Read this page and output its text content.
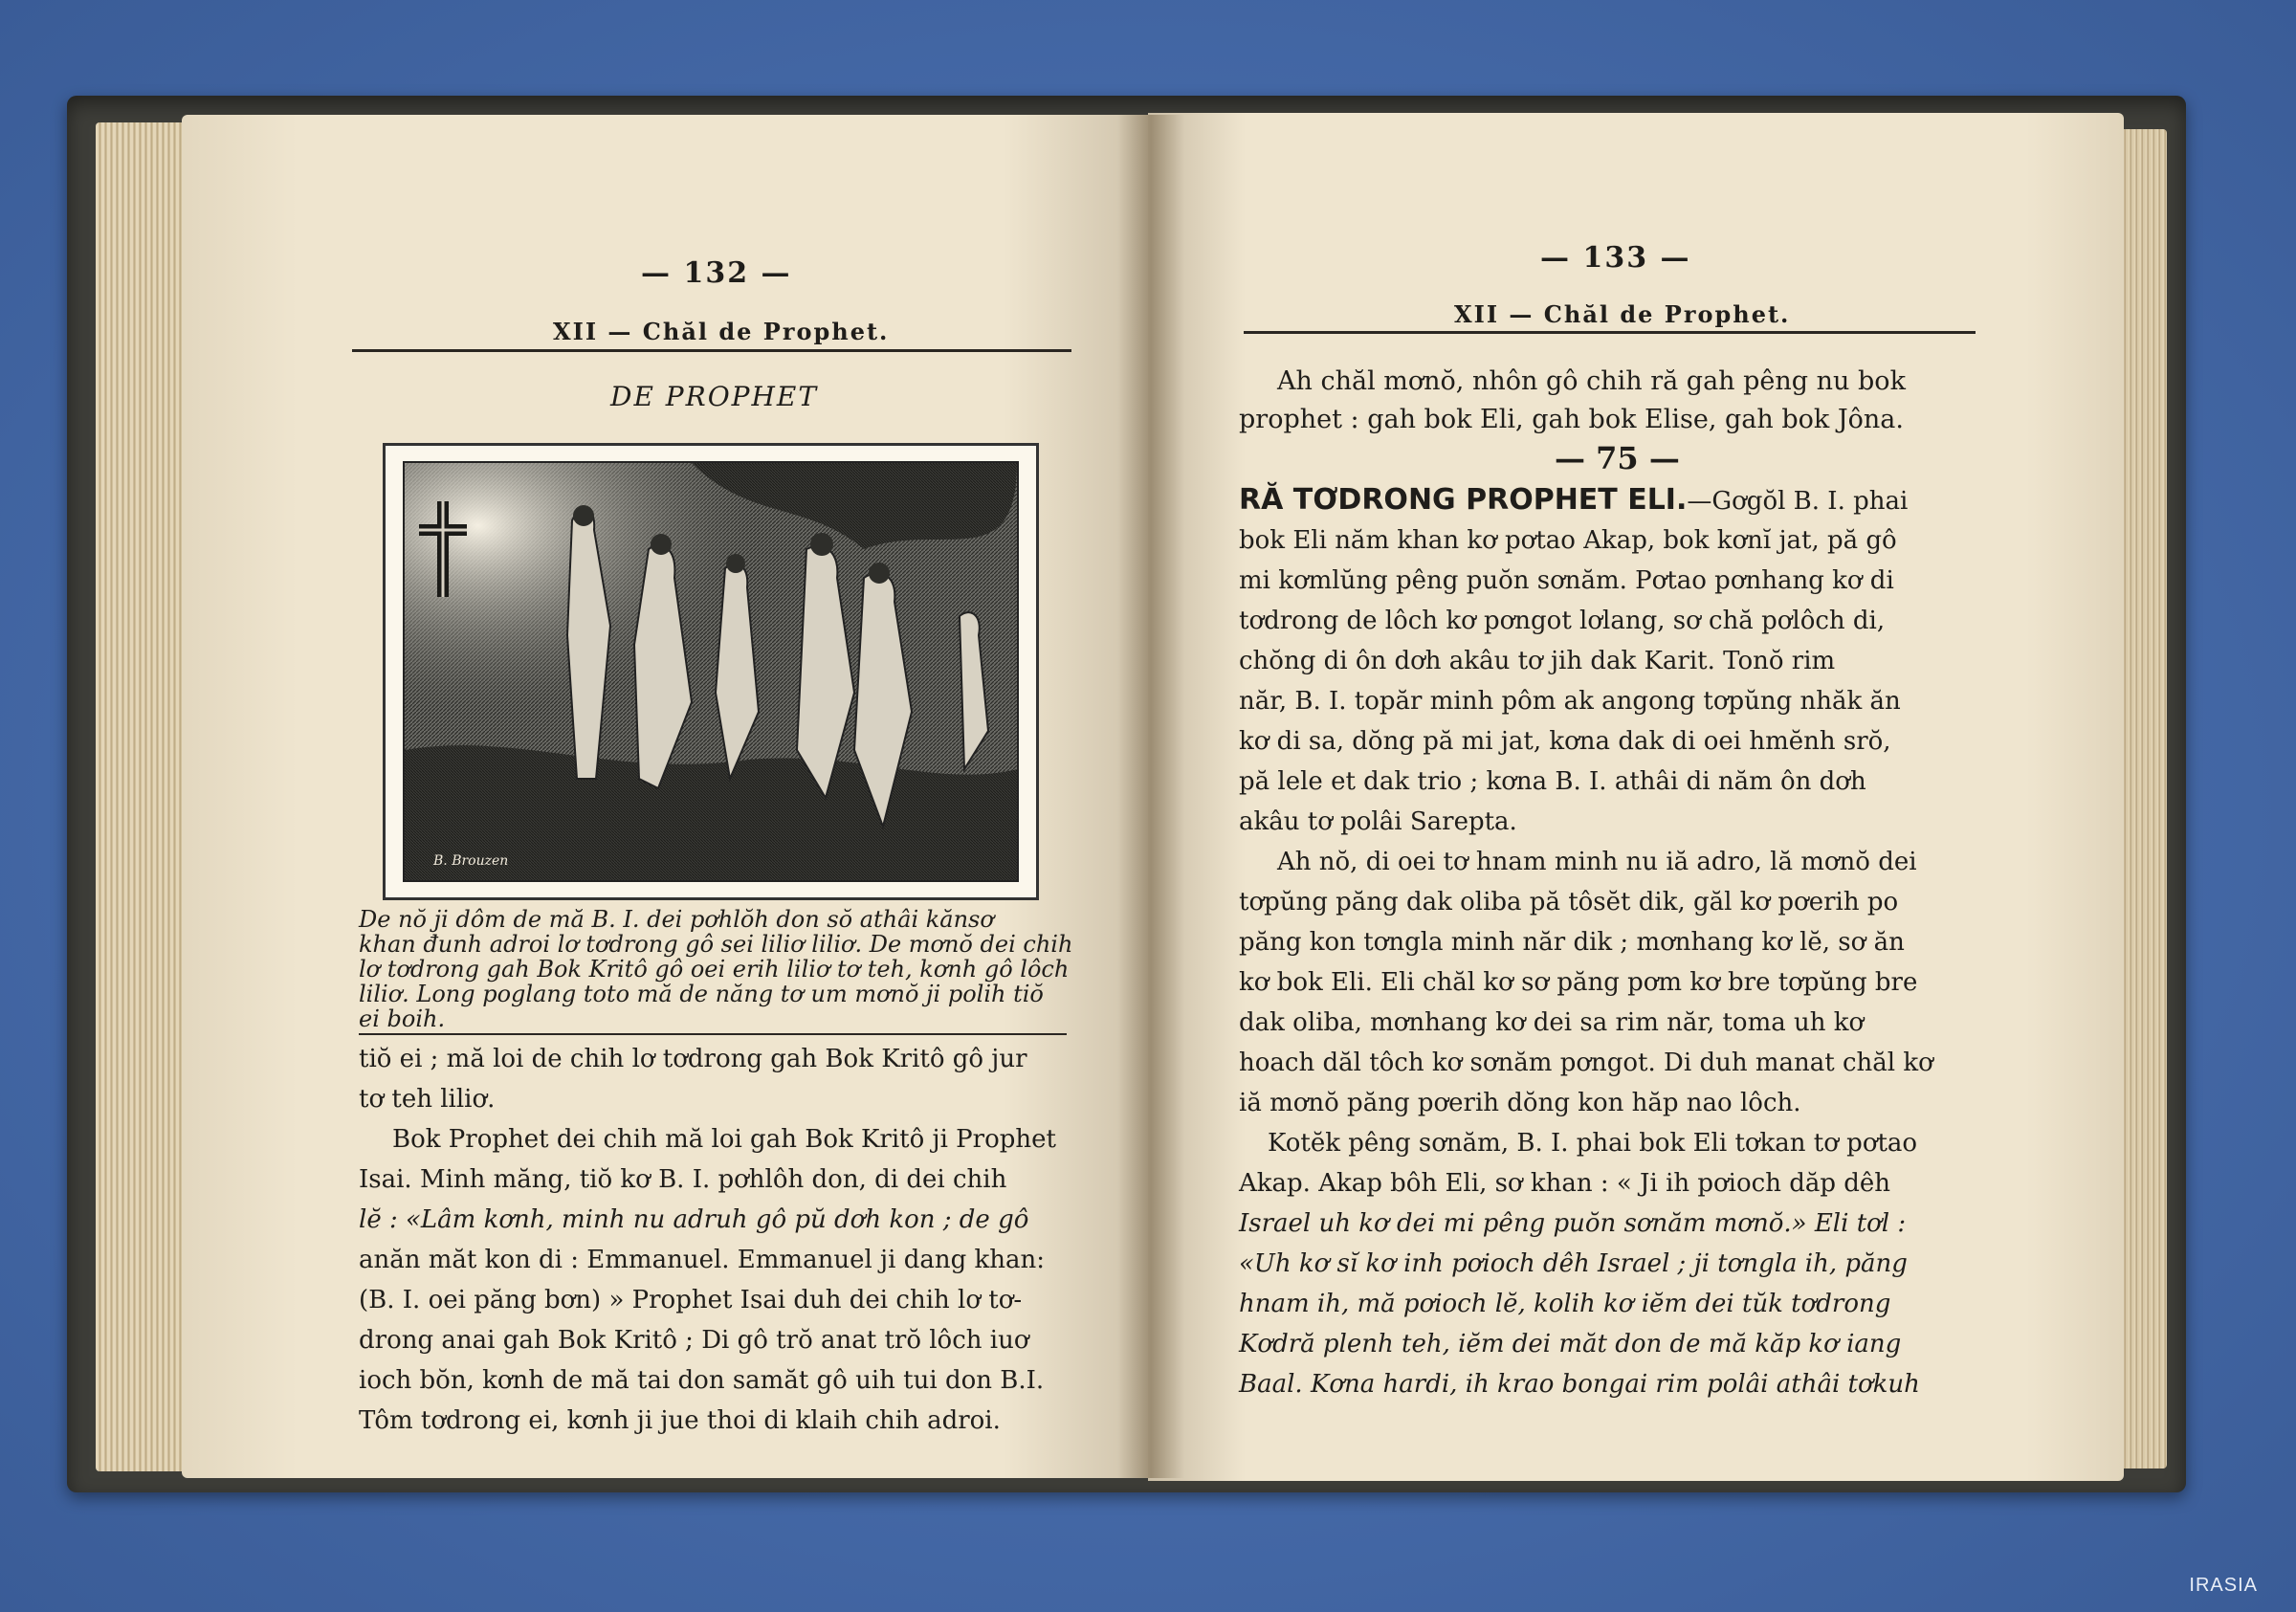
— 132 —
XII — Chăl de Prophet.
DE PROPHET
B. Brouzen
De nŏ ji dôm de mă B. I. dei pơhlŏh don sŏ athâi kănsơ
khan đunh adroi lơ tơdrong gô sei liliơ liliơ. De mơnŏ dei chih
lơ tơdrong gah Bok Kritô gô oei erih liliơ tơ teh, kơnh gô lôch
liliơ. Long poglang toto mă de năng tơ um mơnŏ ji polih tiŏ
ei boih.
tiŏ ei ; mă loi de chih lơ tơdrong gah Bok Kritô gô jur
tơ teh liliơ.
Bok Prophet dei chih mă loi gah Bok Kritô ji Prophet
Isai. Minh măng, tiŏ kơ B. I. pơhlôh don, di dei chih
lĕ : «Lâm kơnh, minh nu adruh gô pŭ dơh kon ; de gô
anăn măt kon di : Emmanuel. Emmanuel ji dang khan:
(B. I. oei păng bơn) » Prophet Isai duh dei chih lơ tơ-
drong anai gah Bok Kritô ; Di gô trŏ anat trŏ lôch iuơ
ioch bŏn, kơnh de mă tai don samăt gô uih tui don B.I.
Tôm tơdrong ei, kơnh ji jue thoi di klaih chih adroi.
— 133 —
XII — Chăl de Prophet.
Ah chăl mơnŏ, nhôn gô chih ră gah pêng nu bok
prophet : gah bok Eli, gah bok Elise, gah bok Jôna.
— 75 —
RĂ TƠDRONG PROPHET ELI.—Gơgŏl B. I. phai
bok Eli năm khan kơ pơtao Akap, bok kơnĭ jat, pă gô
mi kơmlŭng pêng puŏn sơnăm. Pơtao pơnhang kơ di
tơdrong de lôch kơ pơngot lơlang, sơ chă pơlôch di,
chŏng di ôn dơh akâu tơ jih dak Karit. Tonŏ rim
năr, B. I. topăr minh pôm ak angong tơpŭng nhăk ăn
kơ di sa, dŏng pă mi jat, kơna dak di oei hmĕnh srŏ,
pă lele et dak trio ; kơna B. I. athâi di năm ôn dơh
akâu tơ polâi Sarepta.
Ah nŏ, di oei tơ hnam minh nu iă adro, lă mơnŏ dei
tơpŭng păng dak oliba pă tôsĕt dik, găl kơ pơerih po
păng kon tơngla minh năr dik ; mơnhang kơ lĕ, sơ ăn
kơ bok Eli. Eli chăl kơ sơ păng pơm kơ bre tơpŭng bre
dak oliba, mơnhang kơ dei sa rim năr, toma uh kơ
hoach dăl tôch kơ sơnăm pơngot. Di duh manat chăl kơ
iă mơnŏ păng pơerih dŏng kon hăp nao lôch.
Kotĕk pêng sơnăm, B. I. phai bok Eli tơkan tơ pơtao
Akap. Akap bôh Eli, sơ khan : « Ji ih pơioch dăp dêh
Israel uh kơ dei mi pêng puŏn sơnăm mơnŏ.» Eli tơl :
«Uh kơ sĭ kơ inh pơioch dêh Israel ; ji tơngla ih, păng
hnam ih, mă pơioch lĕ, kolih kơ iĕm dei tŭk tơdrong
Kơdră plenh teh, iĕm dei măt don de mă kăp kơ iang
Baal. Kơna hardi, ih krao bongai rim polâi athâi tơkuh
IRASIA
